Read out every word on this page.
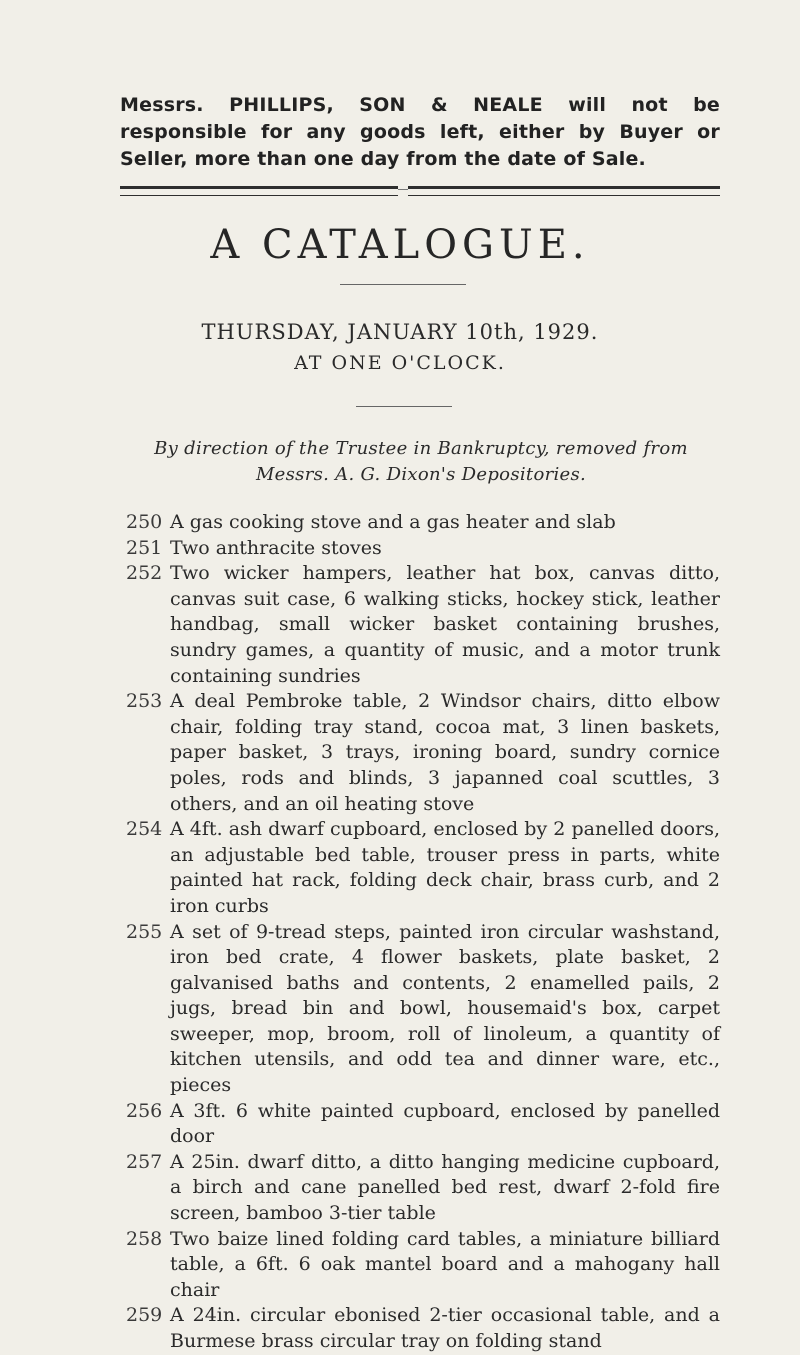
Messrs. PHILLIPS, SON & NEALE will not be responsible for any goods left, either by Buyer or Seller, more than one day from the date of Sale.
A CATALOGUE.
THURSDAY, JANUARY 10th, 1929.
AT ONE O'CLOCK.
By direction of the Trustee in Bankruptcy, removed from Messrs. A. G. Dixon's Depositories.
250 A gas cooking stove and a gas heater and slab
251 Two anthracite stoves
252 Two wicker hampers, leather hat box, canvas ditto, canvas suit case, 6 walking sticks, hockey stick, leather handbag, small wicker basket containing brushes, sundry games, a quantity of music, and a motor trunk containing sundries
253 A deal Pembroke table, 2 Windsor chairs, ditto elbow chair, folding tray stand, cocoa mat, 3 linen baskets, paper basket, 3 trays, ironing board, sundry cornice poles, rods and blinds, 3 japanned coal scuttles, 3 others, and an oil heating stove
254 A 4ft. ash dwarf cupboard, enclosed by 2 panelled doors, an adjustable bed table, trouser press in parts, white painted hat rack, folding deck chair, brass curb, and 2 iron curbs
255 A set of 9-tread steps, painted iron circular washstand, iron bed crate, 4 flower baskets, plate basket, 2 galvanised baths and contents, 2 enamelled pails, 2 jugs, bread bin and bowl, housemaid's box, carpet sweeper, mop, broom, roll of linoleum, a quantity of kitchen utensils, and odd tea and dinner ware, etc., pieces
256 A 3ft. 6 white painted cupboard, enclosed by panelled door
257 A 25in. dwarf ditto, a ditto hanging medicine cupboard, a birch and cane panelled bed rest, dwarf 2-fold fire screen, bamboo 3-tier table
258 Two baize lined folding card tables, a miniature billiard table, a 6ft. 6 oak mantel board and a mahogany hall chair
259 A 24in. circular ebonised 2-tier occasional table, and a Burmese brass circular tray on folding stand
